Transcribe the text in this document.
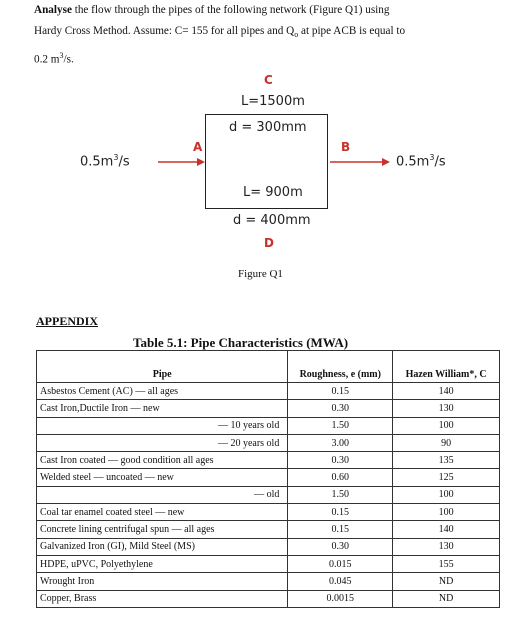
Analyse the flow through the pipes of the following network (Figure Q1) using
Hardy Cross Method. Assume: C= 155 for all pipes and $Q_o$ at pipe ACB is equal to
0.2 $m^3/s$.
C
L=1500m
d = 300mm
L= 900m
d = 400mm
D
A	B
$0.5m^3/s$	$0.5m^3/s$
Figure Q1
APPENDIX
Table 5.1: Pipe Characteristics (MWA)
Pipe	Roughness, e (mm)	Hazen William*, C
Asbestos Cement (AC) — all ages	0.15	140
Cast Iron,Ductile Iron — new	0.30	130
— 10 years old	1.50	100
— 20 years old	3.00	90
Cast Iron coated — good condition all ages	0.30	135
Welded steel — uncoated — new	0.60	125
— old	1.50	100
Coal tar enamel coated steel — new	0.15	100
Concrete lining centrifugal spun — all ages	0.15	140
Galvanized Iron (GI), Mild Steel (MS)	0.30	130
HDPE, uPVC, Polyethylene	0.015	155
Wrought Iron	0.045	ND
Copper, Brass	0.0015	ND
